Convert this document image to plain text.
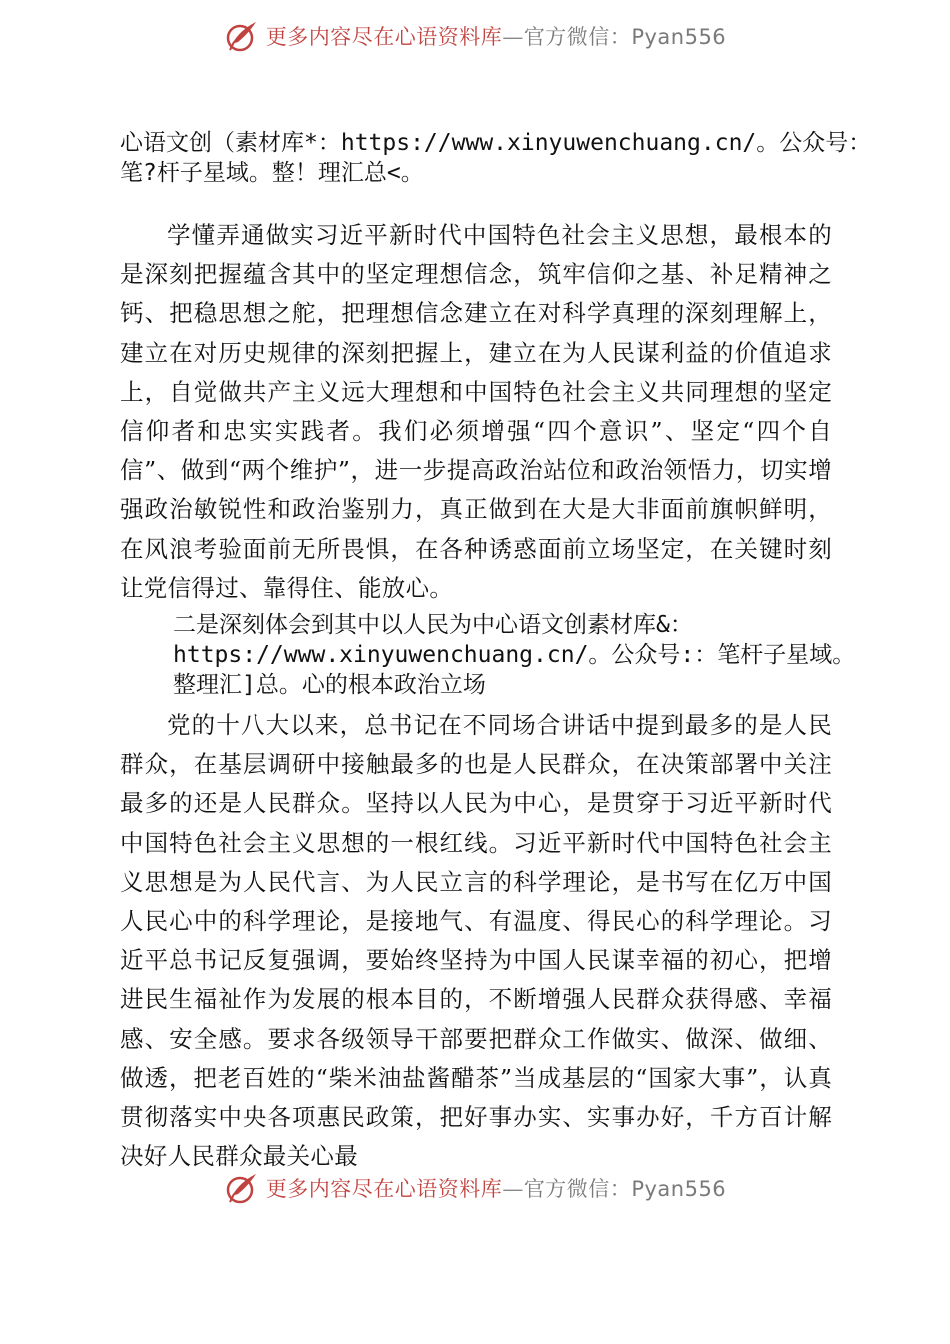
更多内容尽在心语资料库—官方微信：Pyan556
心语文创（素材库*：https://www.xinyuwenchuang.cn/。公众号：
笔?杆子星域。整！理汇总<。

学懂弄通做实习近平新时代中国特色社会主义思想，最根本的是深刻把握蕴含其中的坚定理想信念，筑牢信仰之基、补足精神之钙、把稳思想之舵，把理想信念建立在对科学真理的深刻理解上，建立在对历史规律的深刻把握上，建立在为人民谋利益的价值追求上，自觉做共产主义远大理想和中国特色社会主义共同理想的坚定信仰者和忠实实践者。我们必须增强“四个意识”、坚定“四个自信”、做到“两个维护”，进一步提高政治站位和政治领悟力，切实增强政治敏锐性和政治鉴别力，真正做到在大是大非面前旗帜鲜明，在风浪考验面前无所畏惧，在各种诱惑面前立场坚定，在关键时刻让党信得过、靠得住、能放心。

二是深刻体会到其中以人民为中心语文创素材库&：
https://www.xinyuwenchuang.cn/。公众号:：笔杆子星域。
整理汇]总。心的根本政治立场

党的十八大以来，总书记在不同场合讲话中提到最多的是人民群众，在基层调研中接触最多的也是人民群众，在决策部署中关注最多的还是人民群众。坚持以人民为中心，是贯穿于习近平新时代中国特色社会主义思想的一根红线。习近平新时代中国特色社会主义思想是为人民代言、为人民立言的科学理论，是书写在亿万中国人民心中的科学理论，是接地气、有温度、得民心的科学理论。习近平总书记反复强调，要始终坚持为中国人民谋幸福的初心，把增进民生福祉作为发展的根本目的，不断增强人民群众获得感、幸福感、安全感。要求各级领导干部要把群众工作做实、做深、做细、做透，把老百姓的“柴米油盐酱醋茶”当成基层的“国家大事”，认真贯彻落实中央各项惠民政策，把好事办实、实事办好，千方百计解决好人民群众最关心最

更多内容尽在心语资料库—官方微信：Pyan556
